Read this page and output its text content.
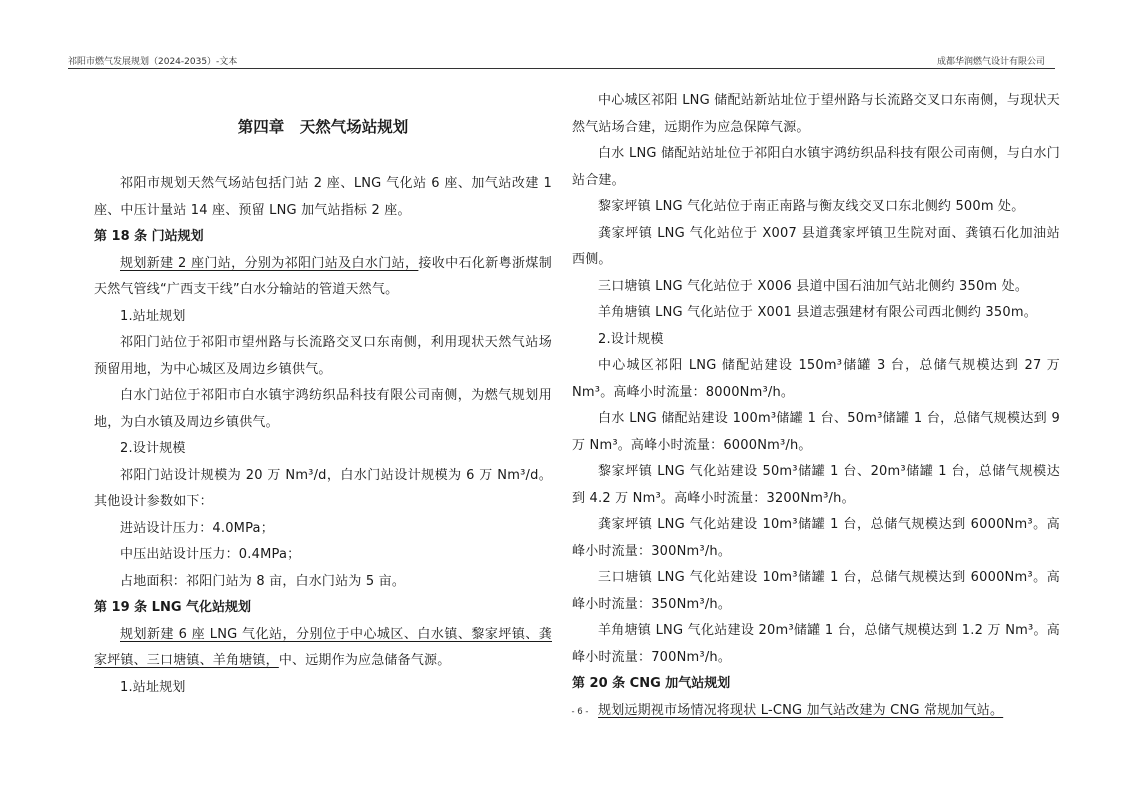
祁阳市燃气发展规划（2024-2035）-文本	成都华润燃气设计有限公司

第四章　天然气场站规划

祁阳市规划天然气场站包括门站 2 座、LNG 气化站 6 座、加气站改建 1 座、中压计量站 14 座、预留 LNG 加气站指标 2 座。

第 18 条 门站规划

规划新建 2 座门站，分别为祁阳门站及白水门站，接收中石化新粤浙煤制天然气管线“广西支干线”白水分输站的管道天然气。

1.站址规划

祁阳门站位于祁阳市望州路与长流路交叉口东南侧，利用现状天然气站场预留用地，为中心城区及周边乡镇供气。

白水门站位于祁阳市白水镇宇鸿纺织品科技有限公司南侧，为燃气规划用地，为白水镇及周边乡镇供气。

2.设计规模

祁阳门站设计规模为 20 万 Nm³/d，白水门站设计规模为 6 万 Nm³/d。其他设计参数如下：

进站设计压力：4.0MPa；

中压出站设计压力：0.4MPa；

占地面积：祁阳门站为 8 亩，白水门站为 5 亩。

第 19 条 LNG 气化站规划

规划新建 6 座 LNG 气化站，分别位于中心城区、白水镇、黎家坪镇、龚家坪镇、三口塘镇、羊角塘镇，中、远期作为应急储备气源。

1.站址规划

中心城区祁阳 LNG 储配站新站址位于望州路与长流路交叉口东南侧，与现状天然气站场合建，远期作为应急保障气源。

白水 LNG 储配站站址位于祁阳白水镇宇鸿纺织品科技有限公司南侧，与白水门站合建。

黎家坪镇 LNG 气化站位于南正南路与衡友线交叉口东北侧约 500m 处。

龚家坪镇 LNG 气化站位于 X007 县道龚家坪镇卫生院对面、龚镇石化加油站西侧。

三口塘镇 LNG 气化站位于 X006 县道中国石油加气站北侧约 350m 处。

羊角塘镇 LNG 气化站位于 X001 县道志强建材有限公司西北侧约 350m。

2.设计规模

中心城区祁阳 LNG 储配站建设 150m³储罐 3 台，总储气规模达到 27 万 Nm³。高峰小时流量：8000Nm³/h。

白水 LNG 储配站建设 100m³储罐 1 台、50m³储罐 1 台，总储气规模达到 9 万 Nm³。高峰小时流量：6000Nm³/h。

黎家坪镇 LNG 气化站建设 50m³储罐 1 台、20m³储罐 1 台，总储气规模达到 4.2 万 Nm³。高峰小时流量：3200Nm³/h。

龚家坪镇 LNG 气化站建设 10m³储罐 1 台，总储气规模达到 6000Nm³。高峰小时流量：300Nm³/h。

三口塘镇 LNG 气化站建设 10m³储罐 1 台，总储气规模达到 6000Nm³。高峰小时流量：350Nm³/h。

羊角塘镇 LNG 气化站建设 20m³储罐 1 台，总储气规模达到 1.2 万 Nm³。高峰小时流量：700Nm³/h。

第 20 条 CNG 加气站规划

规划远期视市场情况将现状 L-CNG 加气站改建为 CNG 常规加气站。

- 6 -
